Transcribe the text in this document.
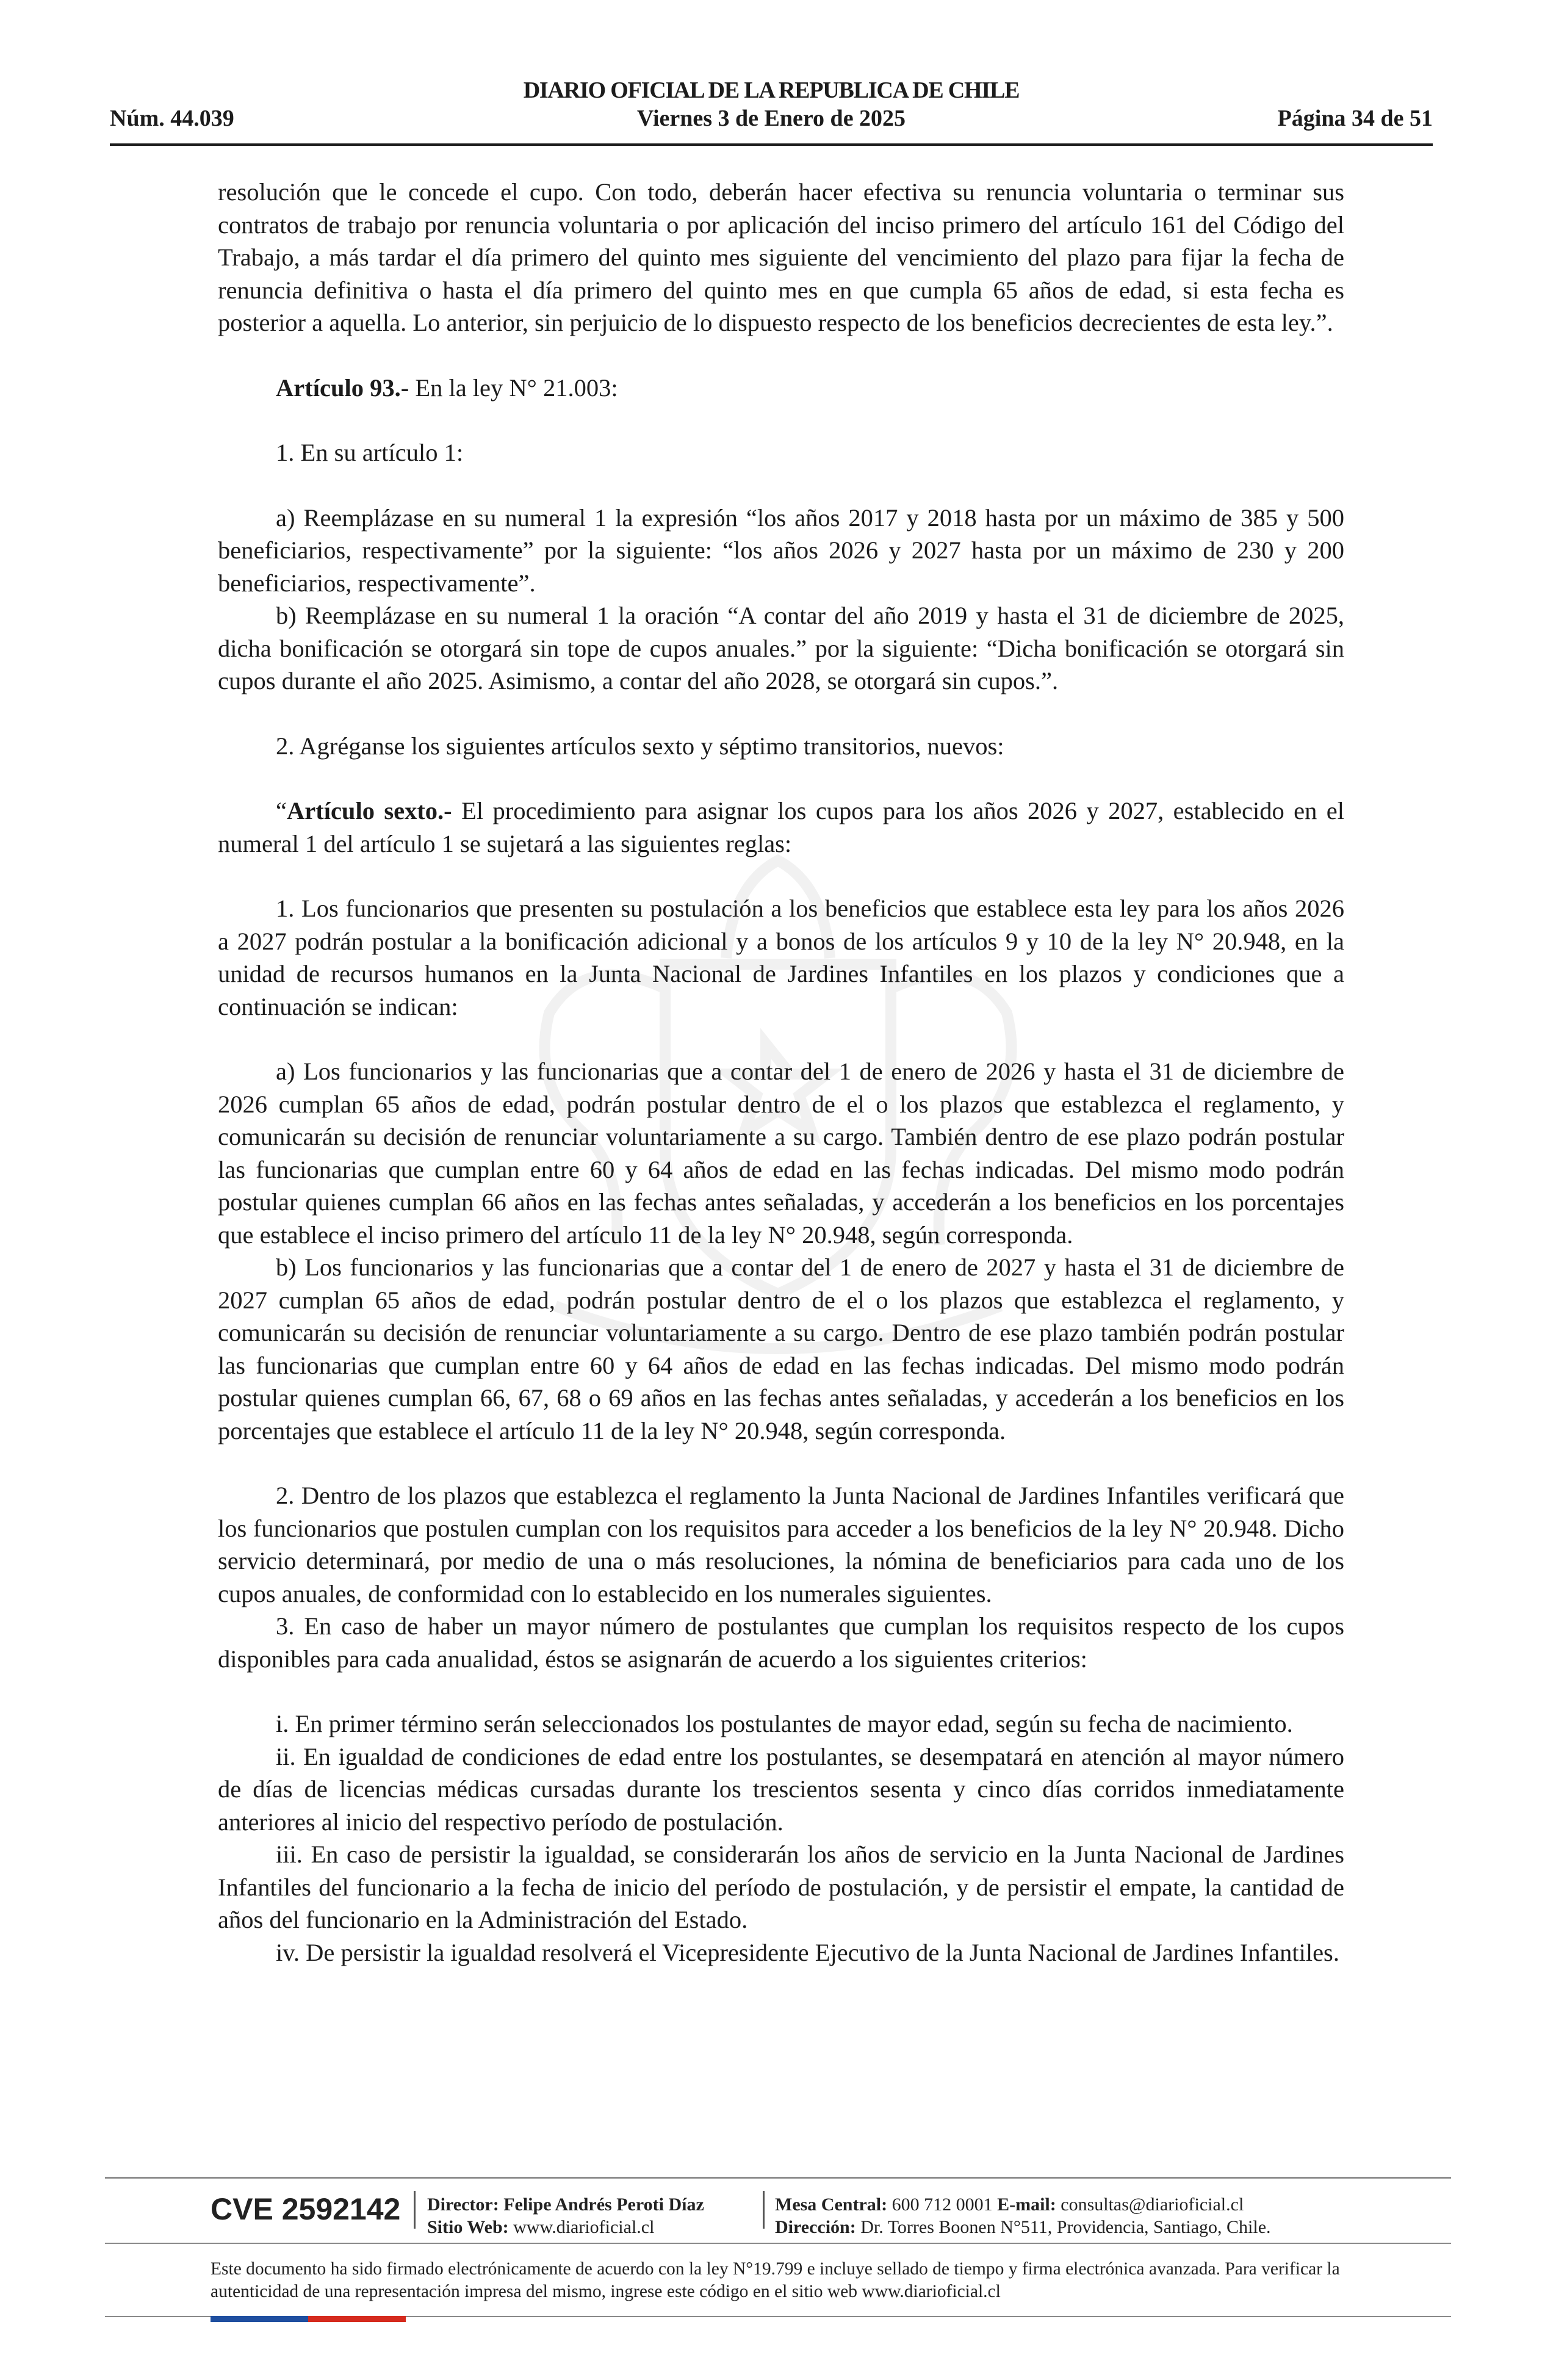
DIARIO OFICIAL DE LA REPUBLICA DE CHILE
Viernes 3 de Enero de 2025
Núm. 44.039	Página 34 de 51

resolución que le concede el cupo. Con todo, deberán hacer efectiva su renuncia voluntaria o terminar sus contratos de trabajo por renuncia voluntaria o por aplicación del inciso primero del artículo 161 del Código del Trabajo, a más tardar el día primero del quinto mes siguiente del vencimiento del plazo para fijar la fecha de renuncia definitiva o hasta el día primero del quinto mes en que cumpla 65 años de edad, si esta fecha es posterior a aquella. Lo anterior, sin perjuicio de lo dispuesto respecto de los beneficios decrecientes de esta ley.”.

Artículo 93.- En la ley N° 21.003:

1. En su artículo 1:

a) Reemplázase en su numeral 1 la expresión “los años 2017 y 2018 hasta por un máximo de 385 y 500 beneficiarios, respectivamente” por la siguiente: “los años 2026 y 2027 hasta por un máximo de 230 y 200 beneficiarios, respectivamente”.

b) Reemplázase en su numeral 1 la oración “A contar del año 2019 y hasta el 31 de diciembre de 2025, dicha bonificación se otorgará sin tope de cupos anuales.” por la siguiente: “Dicha bonificación se otorgará sin cupos durante el año 2025. Asimismo, a contar del año 2028, se otorgará sin cupos.”.

2. Agréganse los siguientes artículos sexto y séptimo transitorios, nuevos:

“Artículo sexto.- El procedimiento para asignar los cupos para los años 2026 y 2027, establecido en el numeral 1 del artículo 1 se sujetará a las siguientes reglas:

1. Los funcionarios que presenten su postulación a los beneficios que establece esta ley para los años 2026 a 2027 podrán postular a la bonificación adicional y a bonos de los artículos 9 y 10 de la ley N° 20.948, en la unidad de recursos humanos en la Junta Nacional de Jardines Infantiles en los plazos y condiciones que a continuación se indican:

a) Los funcionarios y las funcionarias que a contar del 1 de enero de 2026 y hasta el 31 de diciembre de 2026 cumplan 65 años de edad, podrán postular dentro de el o los plazos que establezca el reglamento, y comunicarán su decisión de renunciar voluntariamente a su cargo. También dentro de ese plazo podrán postular las funcionarias que cumplan entre 60 y 64 años de edad en las fechas indicadas. Del mismo modo podrán postular quienes cumplan 66 años en las fechas antes señaladas, y accederán a los beneficios en los porcentajes que establece el inciso primero del artículo 11 de la ley N° 20.948, según corresponda.

b) Los funcionarios y las funcionarias que a contar del 1 de enero de 2027 y hasta el 31 de diciembre de 2027 cumplan 65 años de edad, podrán postular dentro de el o los plazos que establezca el reglamento, y comunicarán su decisión de renunciar voluntariamente a su cargo. Dentro de ese plazo también podrán postular las funcionarias que cumplan entre 60 y 64 años de edad en las fechas indicadas. Del mismo modo podrán postular quienes cumplan 66, 67, 68 o 69 años en las fechas antes señaladas, y accederán a los beneficios en los porcentajes que establece el artículo 11 de la ley N° 20.948, según corresponda.

2. Dentro de los plazos que establezca el reglamento la Junta Nacional de Jardines Infantiles verificará que los funcionarios que postulen cumplan con los requisitos para acceder a los beneficios de la ley N° 20.948. Dicho servicio determinará, por medio de una o más resoluciones, la nómina de beneficiarios para cada uno de los cupos anuales, de conformidad con lo establecido en los numerales siguientes.

3. En caso de haber un mayor número de postulantes que cumplan los requisitos respecto de los cupos disponibles para cada anualidad, éstos se asignarán de acuerdo a los siguientes criterios:

i. En primer término serán seleccionados los postulantes de mayor edad, según su fecha de nacimiento.

ii. En igualdad de condiciones de edad entre los postulantes, se desempatará en atención al mayor número de días de licencias médicas cursadas durante los trescientos sesenta y cinco días corridos inmediatamente anteriores al inicio del respectivo período de postulación.

iii. En caso de persistir la igualdad, se considerarán los años de servicio en la Junta Nacional de Jardines Infantiles del funcionario a la fecha de inicio del período de postulación, y de persistir el empate, la cantidad de años del funcionario en la Administración del Estado.

iv. De persistir la igualdad resolverá el Vicepresidente Ejecutivo de la Junta Nacional de Jardines Infantiles.

CVE 2592142 Director: Felipe Andrés Peroti Díaz
Sitio Web: www.diarioficial.cl
Mesa Central: 600 712 0001 E-mail: consultas@diarioficial.cl
Dirección: Dr. Torres Boonen N°511, Providencia, Santiago, Chile.
Este documento ha sido firmado electrónicamente de acuerdo con la ley N°19.799 e incluye sellado de tiempo y firma electrónica avanzada. Para verificar la autenticidad de una representación impresa del mismo, ingrese este código en el sitio web www.diarioficial.cl
